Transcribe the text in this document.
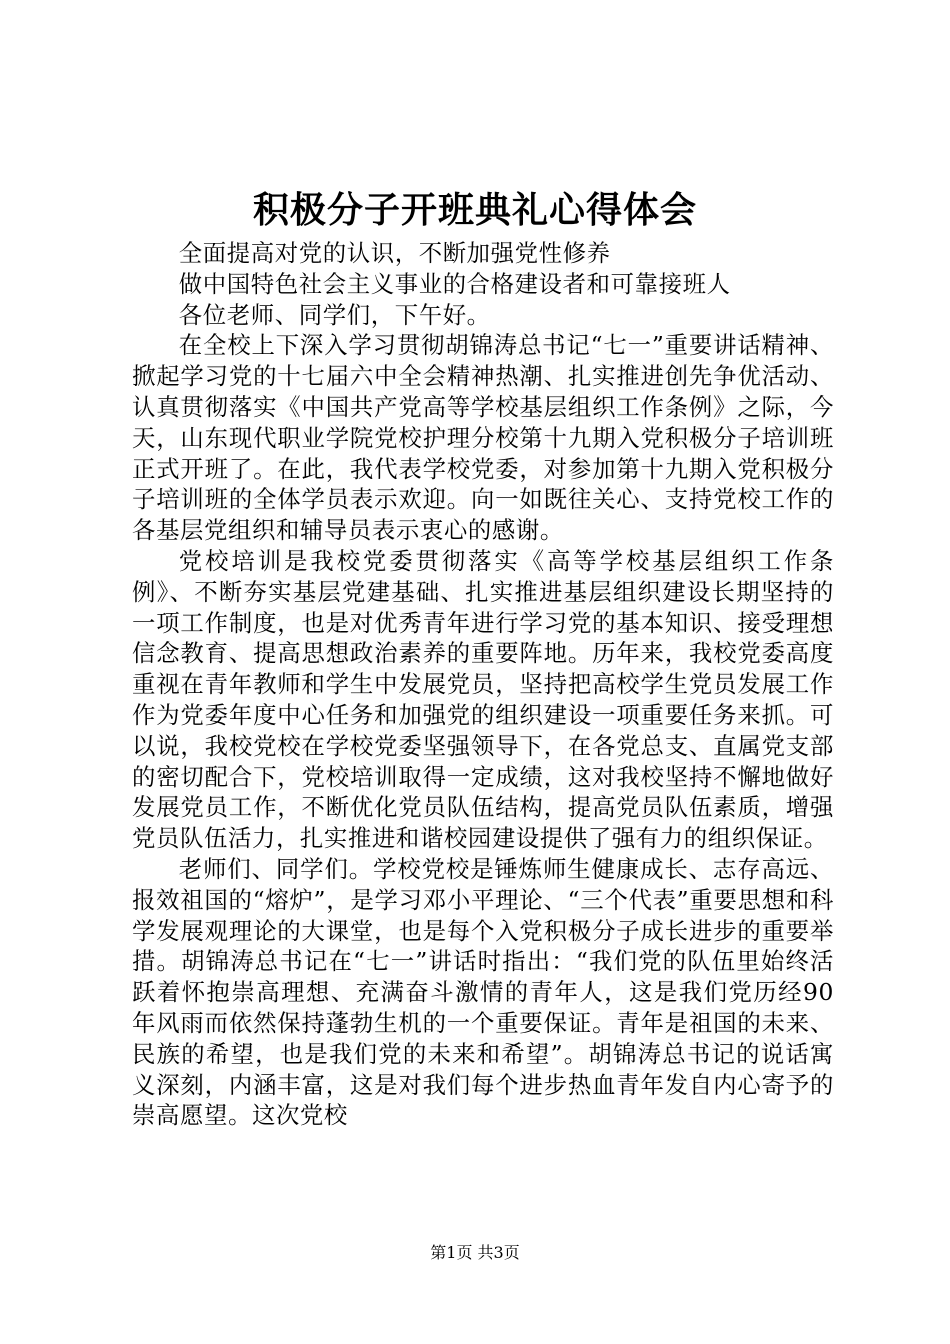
积极分子开班典礼心得体会

全面提高对党的认识，不断加强党性修养

做中国特色社会主义事业的合格建设者和可靠接班人

各位老师、同学们，下午好。

在全校上下深入学习贯彻胡锦涛总书记“七一”重要讲话精神、掀起学习党的十七届六中全会精神热潮、扎实推进创先争优活动、认真贯彻落实《中国共产党高等学校基层组织工作条例》之际，今天，山东现代职业学院党校护理分校第十九期入党积极分子培训班正式开班了。在此，我代表学校党委，对参加第十九期入党积极分子培训班的全体学员表示欢迎。向一如既往关心、支持党校工作的各基层党组织和辅导员表示衷心的感谢。

党校培训是我校党委贯彻落实《高等学校基层组织工作条例》、不断夯实基层党建基础、扎实推进基层组织建设长期坚持的一项工作制度，也是对优秀青年进行学习党的基本知识、接受理想信念教育、提高思想政治素养的重要阵地。历年来，我校党委高度重视在青年教师和学生中发展党员，坚持把高校学生党员发展工作作为党委年度中心任务和加强党的组织建设一项重要任务来抓。可以说，我校党校在学校党委坚强领导下，在各党总支、直属党支部的密切配合下，党校培训取得一定成绩，这对我校坚持不懈地做好发展党员工作，不断优化党员队伍结构，提高党员队伍素质，增强党员队伍活力，扎实推进和谐校园建设提供了强有力的组织保证。

老师们、同学们。学校党校是锤炼师生健康成长、志存高远、报效祖国的“熔炉”，是学习邓小平理论、“三个代表”重要思想和科学发展观理论的大课堂，也是每个入党积极分子成长进步的重要举措。胡锦涛总书记在“七一”讲话时指出：“我们党的队伍里始终活跃着怀抱崇高理想、充满奋斗激情的青年人，这是我们党历经90年风雨而依然保持蓬勃生机的一个重要保证。青年是祖国的未来、民族的希望，也是我们党的未来和希望”。胡锦涛总书记的说话寓义深刻，内涵丰富，这是对我们每个进步热血青年发自内心寄予的崇高愿望。这次党校

第1页 共3页
